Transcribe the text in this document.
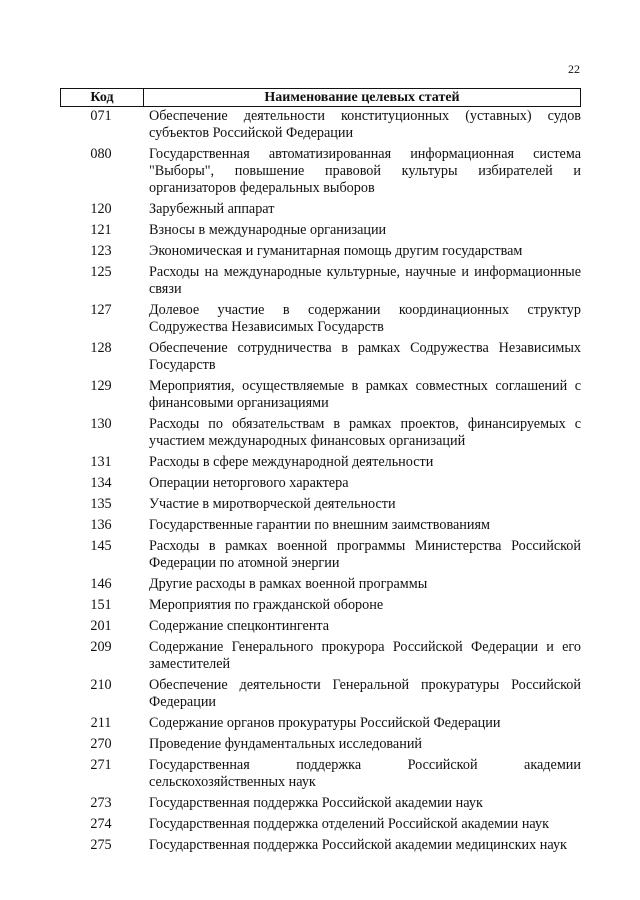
22
Код	Наименование целевых статей
071	Обеспечение деятельности конституционных (уставных) судов субъектов Российской Федерации
080	Государственная автоматизированная информационная система "Выборы", повышение правовой культуры избирателей и организаторов федеральных выборов
120	Зарубежный аппарат
121	Взносы в международные организации
123	Экономическая и гуманитарная помощь другим государствам
125	Расходы на международные культурные, научные и информационные связи
127	Долевое участие в содержании координационных структур Содружества Независимых Государств
128	Обеспечение сотрудничества в рамках Содружества Независимых Государств
129	Мероприятия, осуществляемые в рамках совместных соглашений с финансовыми организациями
130	Расходы по обязательствам в рамках проектов, финансируемых с участием международных финансовых организаций
131	Расходы в сфере международной деятельности
134	Операции неторгового характера
135	Участие в миротворческой деятельности
136	Государственные гарантии по внешним заимствованиям
145	Расходы в рамках военной программы Министерства Российской Федерации по атомной энергии
146	Другие расходы в рамках военной программы
151	Мероприятия по гражданской обороне
201	Содержание спецконтингента
209	Содержание Генерального прокурора Российской Федерации и его заместителей
210	Обеспечение деятельности Генеральной прокуратуры Российской Федерации
211	Содержание органов прокуратуры Российской Федерации
270	Проведение фундаментальных исследований
271	Государственная поддержка Российской академии сельскохозяйственных наук
273	Государственная поддержка Российской академии наук
274	Государственная поддержка отделений Российской академии наук
275	Государственная поддержка Российской академии медицинских наук
